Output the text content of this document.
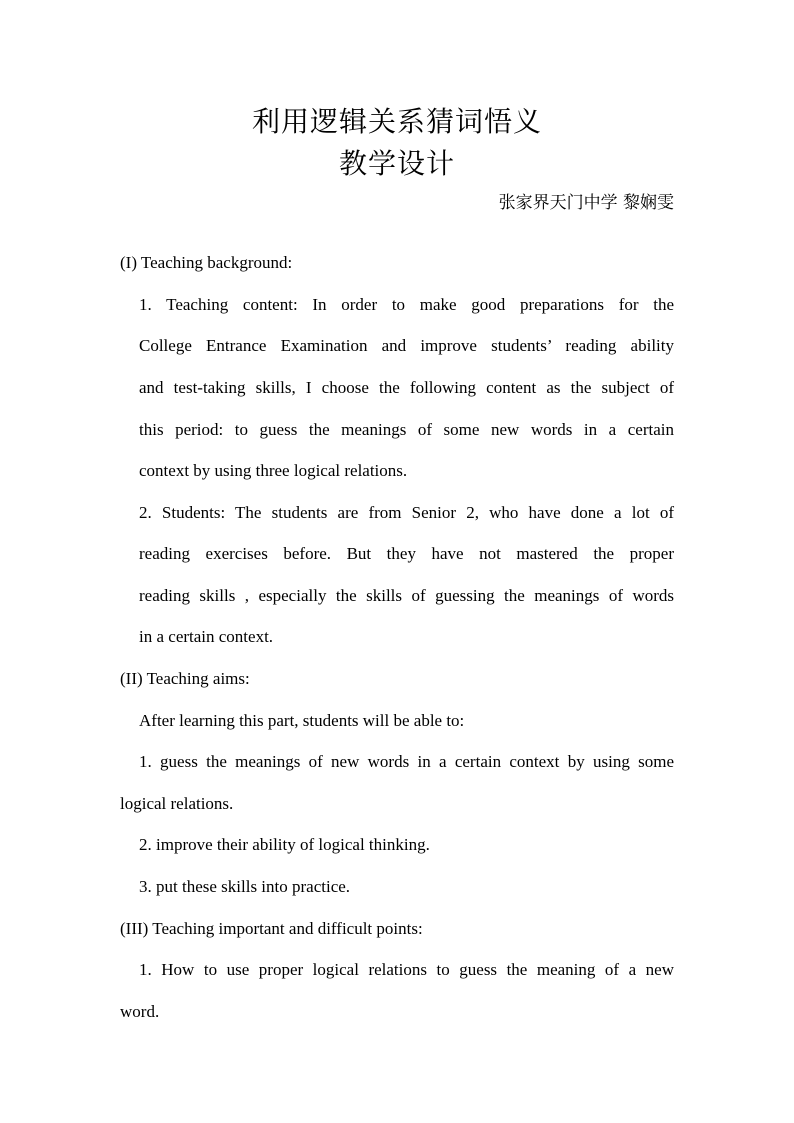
利用逻辑关系猜词悟义
教学设计
张家界天门中学 黎娴雯
(I) Teaching background:
1. Teaching content: In order to make good preparations for the
College Entrance Examination and improve students’ reading ability
and test-taking skills, I choose the following content as the subject of
this period: to guess the meanings of some new words in a certain
context by using three logical relations.
2. Students: The students are from Senior 2, who have done a lot of
reading exercises before. But they have not mastered the proper
reading skills , especially the skills of guessing the meanings of words
in a certain context.
(II) Teaching aims:
After learning this part, students will be able to:
1. guess the meanings of new words in a certain context by using some
logical relations.
2. improve their ability of logical thinking.
3. put these skills into practice.
(III) Teaching important and difficult points:
1. How to use proper logical relations to guess the meaning of a new
word.
